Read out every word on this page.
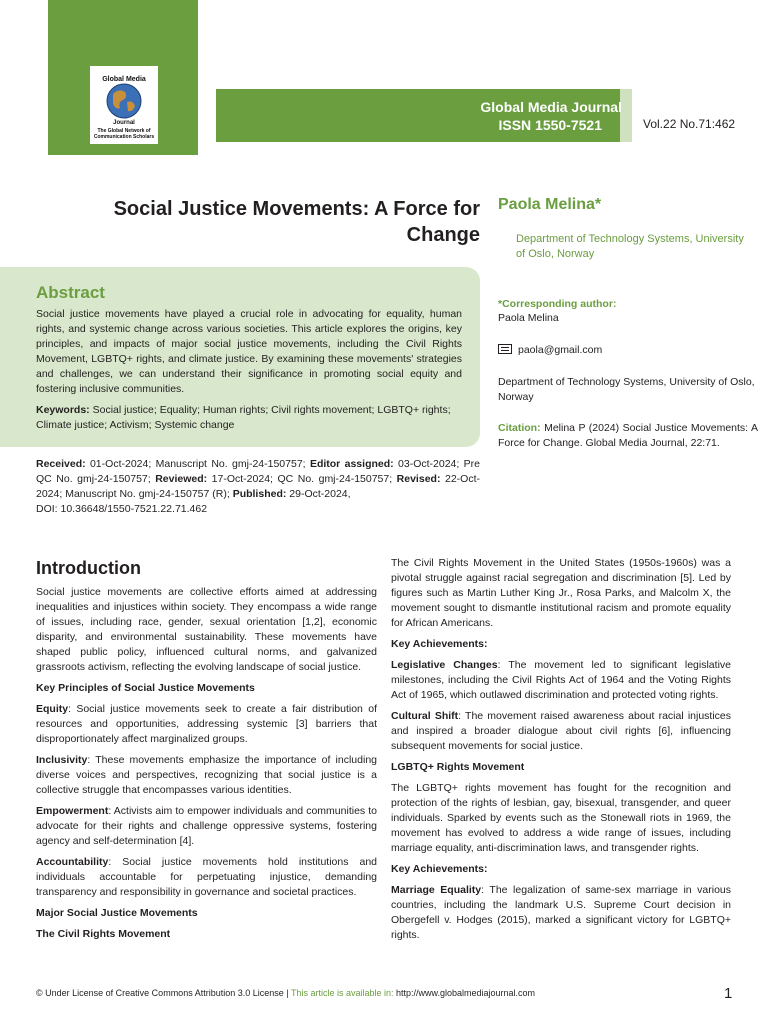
Global Media
Journal
The Global Network of Communication Scholars
Global Media Journal
ISSN 1550-7521	Vol.22 No.71:462
Social Justice Movements: A Force for Change
Paola Melina*
Department of Technology Systems, University of Oslo, Norway
Abstract
Social justice movements have played a crucial role in advocating for equality, human rights, and systemic change across various societies. This article explores the origins, key principles, and impacts of major social justice movements, including the Civil Rights Movement, LGBTQ+ rights, and climate justice. By examining these movements' strategies and challenges, we can understand their significance in promoting social equity and fostering inclusive communities.
Keywords: Social justice; Equality; Human rights; Civil rights movement; LGBTQ+ rights; Climate justice; Activism; Systemic change
Received: 01-Oct-2024; Manuscript No. gmj-24-150757; Editor assigned: 03-Oct-2024; Pre QC No. gmj-24-150757; Reviewed: 17-Oct-2024; QC No. gmj-24-150757; Revised: 22-Oct-2024; Manuscript No. gmj-24-150757 (R); Published: 29-Oct-2024,
DOI: 10.36648/1550-7521.22.71.462
*Corresponding author:
Paola Melina
paola@gmail.com
Department of Technology Systems, University of Oslo, Norway
Citation: Melina P (2024) Social Justice Movements: A Force for Change. Global Media Journal, 22:71.
Introduction

Social justice movements are collective efforts aimed at addressing inequalities and injustices within society. They encompass a wide range of issues, including race, gender, sexual orientation [1,2], economic disparity, and environmental sustainability. These movements have shaped public policy, influenced cultural norms, and galvanized grassroots activism, reflecting the evolving landscape of social justice.

Key Principles of Social Justice Movements

Equity: Social justice movements seek to create a fair distribution of resources and opportunities, addressing systemic [3] barriers that disproportionately affect marginalized groups.

Inclusivity: These movements emphasize the importance of including diverse voices and perspectives, recognizing that social justice is a collective struggle that encompasses various identities.

Empowerment: Activists aim to empower individuals and communities to advocate for their rights and challenge oppressive systems, fostering agency and self-determination [4].

Accountability: Social justice movements hold institutions and individuals accountable for perpetuating injustice, demanding transparency and responsibility in governance and societal practices.

Major Social Justice Movements

The Civil Rights Movement

The Civil Rights Movement in the United States (1950s-1960s) was a pivotal struggle against racial segregation and discrimination [5]. Led by figures such as Martin Luther King Jr., Rosa Parks, and Malcolm X, the movement sought to dismantle institutional racism and promote equality for African Americans.

Key Achievements:

Legislative Changes: The movement led to significant legislative milestones, including the Civil Rights Act of 1964 and the Voting Rights Act of 1965, which outlawed discrimination and protected voting rights.

Cultural Shift: The movement raised awareness about racial injustices and inspired a broader dialogue about civil rights [6], influencing subsequent movements for social justice.

LGBTQ+ Rights Movement

The LGBTQ+ rights movement has fought for the recognition and protection of the rights of lesbian, gay, bisexual, transgender, and queer individuals. Sparked by events such as the Stonewall riots in 1969, the movement has evolved to address a wide range of issues, including marriage equality, anti-discrimination laws, and transgender rights.

Key Achievements:

Marriage Equality: The legalization of same-sex marriage in various countries, including the landmark U.S. Supreme Court decision in Obergefell v. Hodges (2015), marked a significant victory for LGBTQ+ rights.

© Under License of Creative Commons Attribution 3.0 License | This article is available in: http://www.globalmediajournal.com	1
